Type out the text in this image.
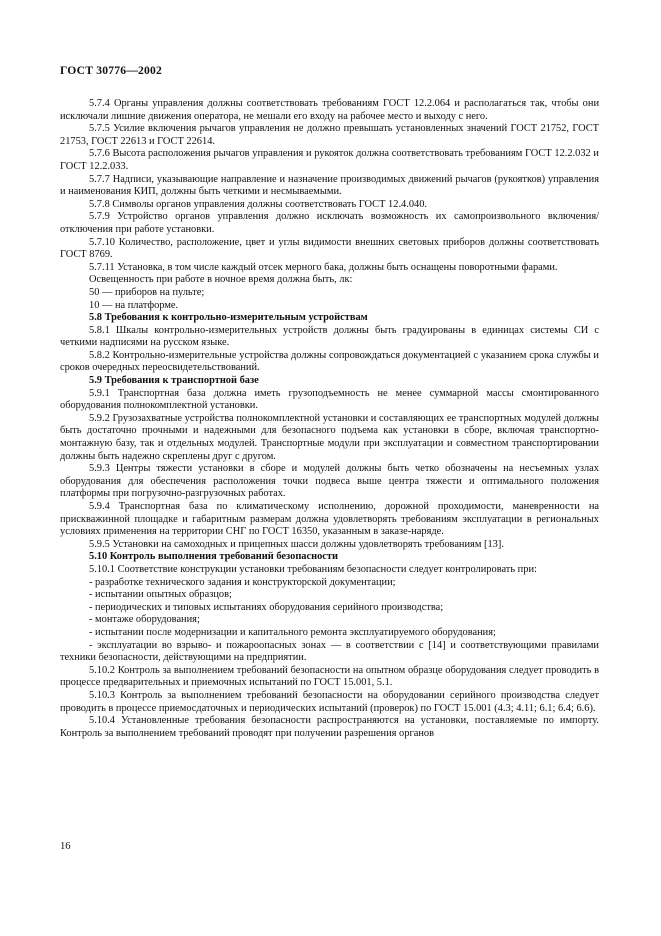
ГОСТ 30776—2002
5.7.4 Органы управления должны соответствовать требованиям ГОСТ 12.2.064 и располагаться так, чтобы они исключали лишние движения оператора, не мешали его входу на рабочее место и выходу с него.
5.7.5 Усилие включения рычагов управления не должно превышать установленных значений ГОСТ 21752, ГОСТ 21753, ГОСТ 22613 и ГОСТ 22614.
5.7.6 Высота расположения рычагов управления и рукояток должна соответствовать требованиям ГОСТ 12.2.032 и ГОСТ 12.2.033.
5.7.7 Надписи, указывающие направление и назначение производимых движений рычагов (рукоятков) управления и наименования КИП, должны быть четкими и несмываемыми.
5.7.8 Символы органов управления должны соответствовать ГОСТ 12.4.040.
5.7.9 Устройство органов управления должно исключать возможность их самопроизвольного включения/отключения при работе установки.
5.7.10 Количество, расположение, цвет и углы видимости внешних световых приборов должны соответствовать ГОСТ 8769.
5.7.11 Установка, в том числе каждый отсек мерного бака, должны быть оснащены поворотными фарами.
Освещенность при работе в ночное время должна быть, лк:
50 — приборов на пульте;
10 — на платформе.
5.8 Требования к контрольно-измерительным устройствам
5.8.1 Шкалы контрольно-измерительных устройств должны быть градуированы в единицах системы СИ с четкими надписями на русском языке.
5.8.2 Контрольно-измерительные устройства должны сопровождаться документацией с указанием срока службы и сроков очередных переосвидетельствований.
5.9 Требования к транспортной базе
5.9.1 Транспортная база должна иметь грузоподъемность не менее суммарной массы смонтированного оборудования полнокомплектной установки.
5.9.2 Грузозахватные устройства полнокомплектной установки и составляющих ее транспортных модулей должны быть достаточно прочными и надежными для безопасного подъема как установки в сборе, включая транспортно-монтажную базу, так и отдельных модулей. Транспортные модули при эксплуатации и совместном транспортировании должны быть надежно скреплены друг с другом.
5.9.3 Центры тяжести установки в сборе и модулей должны быть четко обозначены на несъемных узлах оборудования для обеспечения расположения точки подвеса выше центра тяжести и оптимального положения платформы при погрузочно-разгрузочных работах.
5.9.4 Транспортная база по климатическому исполнению, дорожной проходимости, маневренности на прискважинной площадке и габаритным размерам должна удовлетворять требованиям эксплуатации в региональных условиях применения на территории СНГ по ГОСТ 16350, указанным в заказе-наряде.
5.9.5 Установки на самоходных и прицепных шасси должны удовлетворять требованиям [13].
5.10 Контроль выполнения требований безопасности
5.10.1 Соответствие конструкции установки требованиям безопасности следует контролировать при:
- разработке технического задания и конструкторской документации;
- испытании опытных образцов;
- периодических и типовых испытаниях оборудования серийного производства;
- монтаже оборудования;
- испытании после модернизации и капитального ремонта эксплуатируемого оборудования;
- эксплуатации во взрыво- и пожароопасных зонах — в соответствии с [14] и соответствующими правилами техники безопасности, действующими на предприятии.
5.10.2 Контроль за выполнением требований безопасности на опытном образце оборудования следует проводить в процессе предварительных и приемочных испытаний по ГОСТ 15.001, 5.1.
5.10.3 Контроль за выполнением требований безопасности на оборудовании серийного производства следует проводить в процессе приемосдаточных и периодических испытаний (проверок) по ГОСТ 15.001 (4.3; 4.11; 6.1; 6.4; 6.6).
5.10.4 Установленные требования безопасности распространяются на установки, поставляемые по импорту. Контроль за выполнением требований проводят при получении разрешения органов
16
